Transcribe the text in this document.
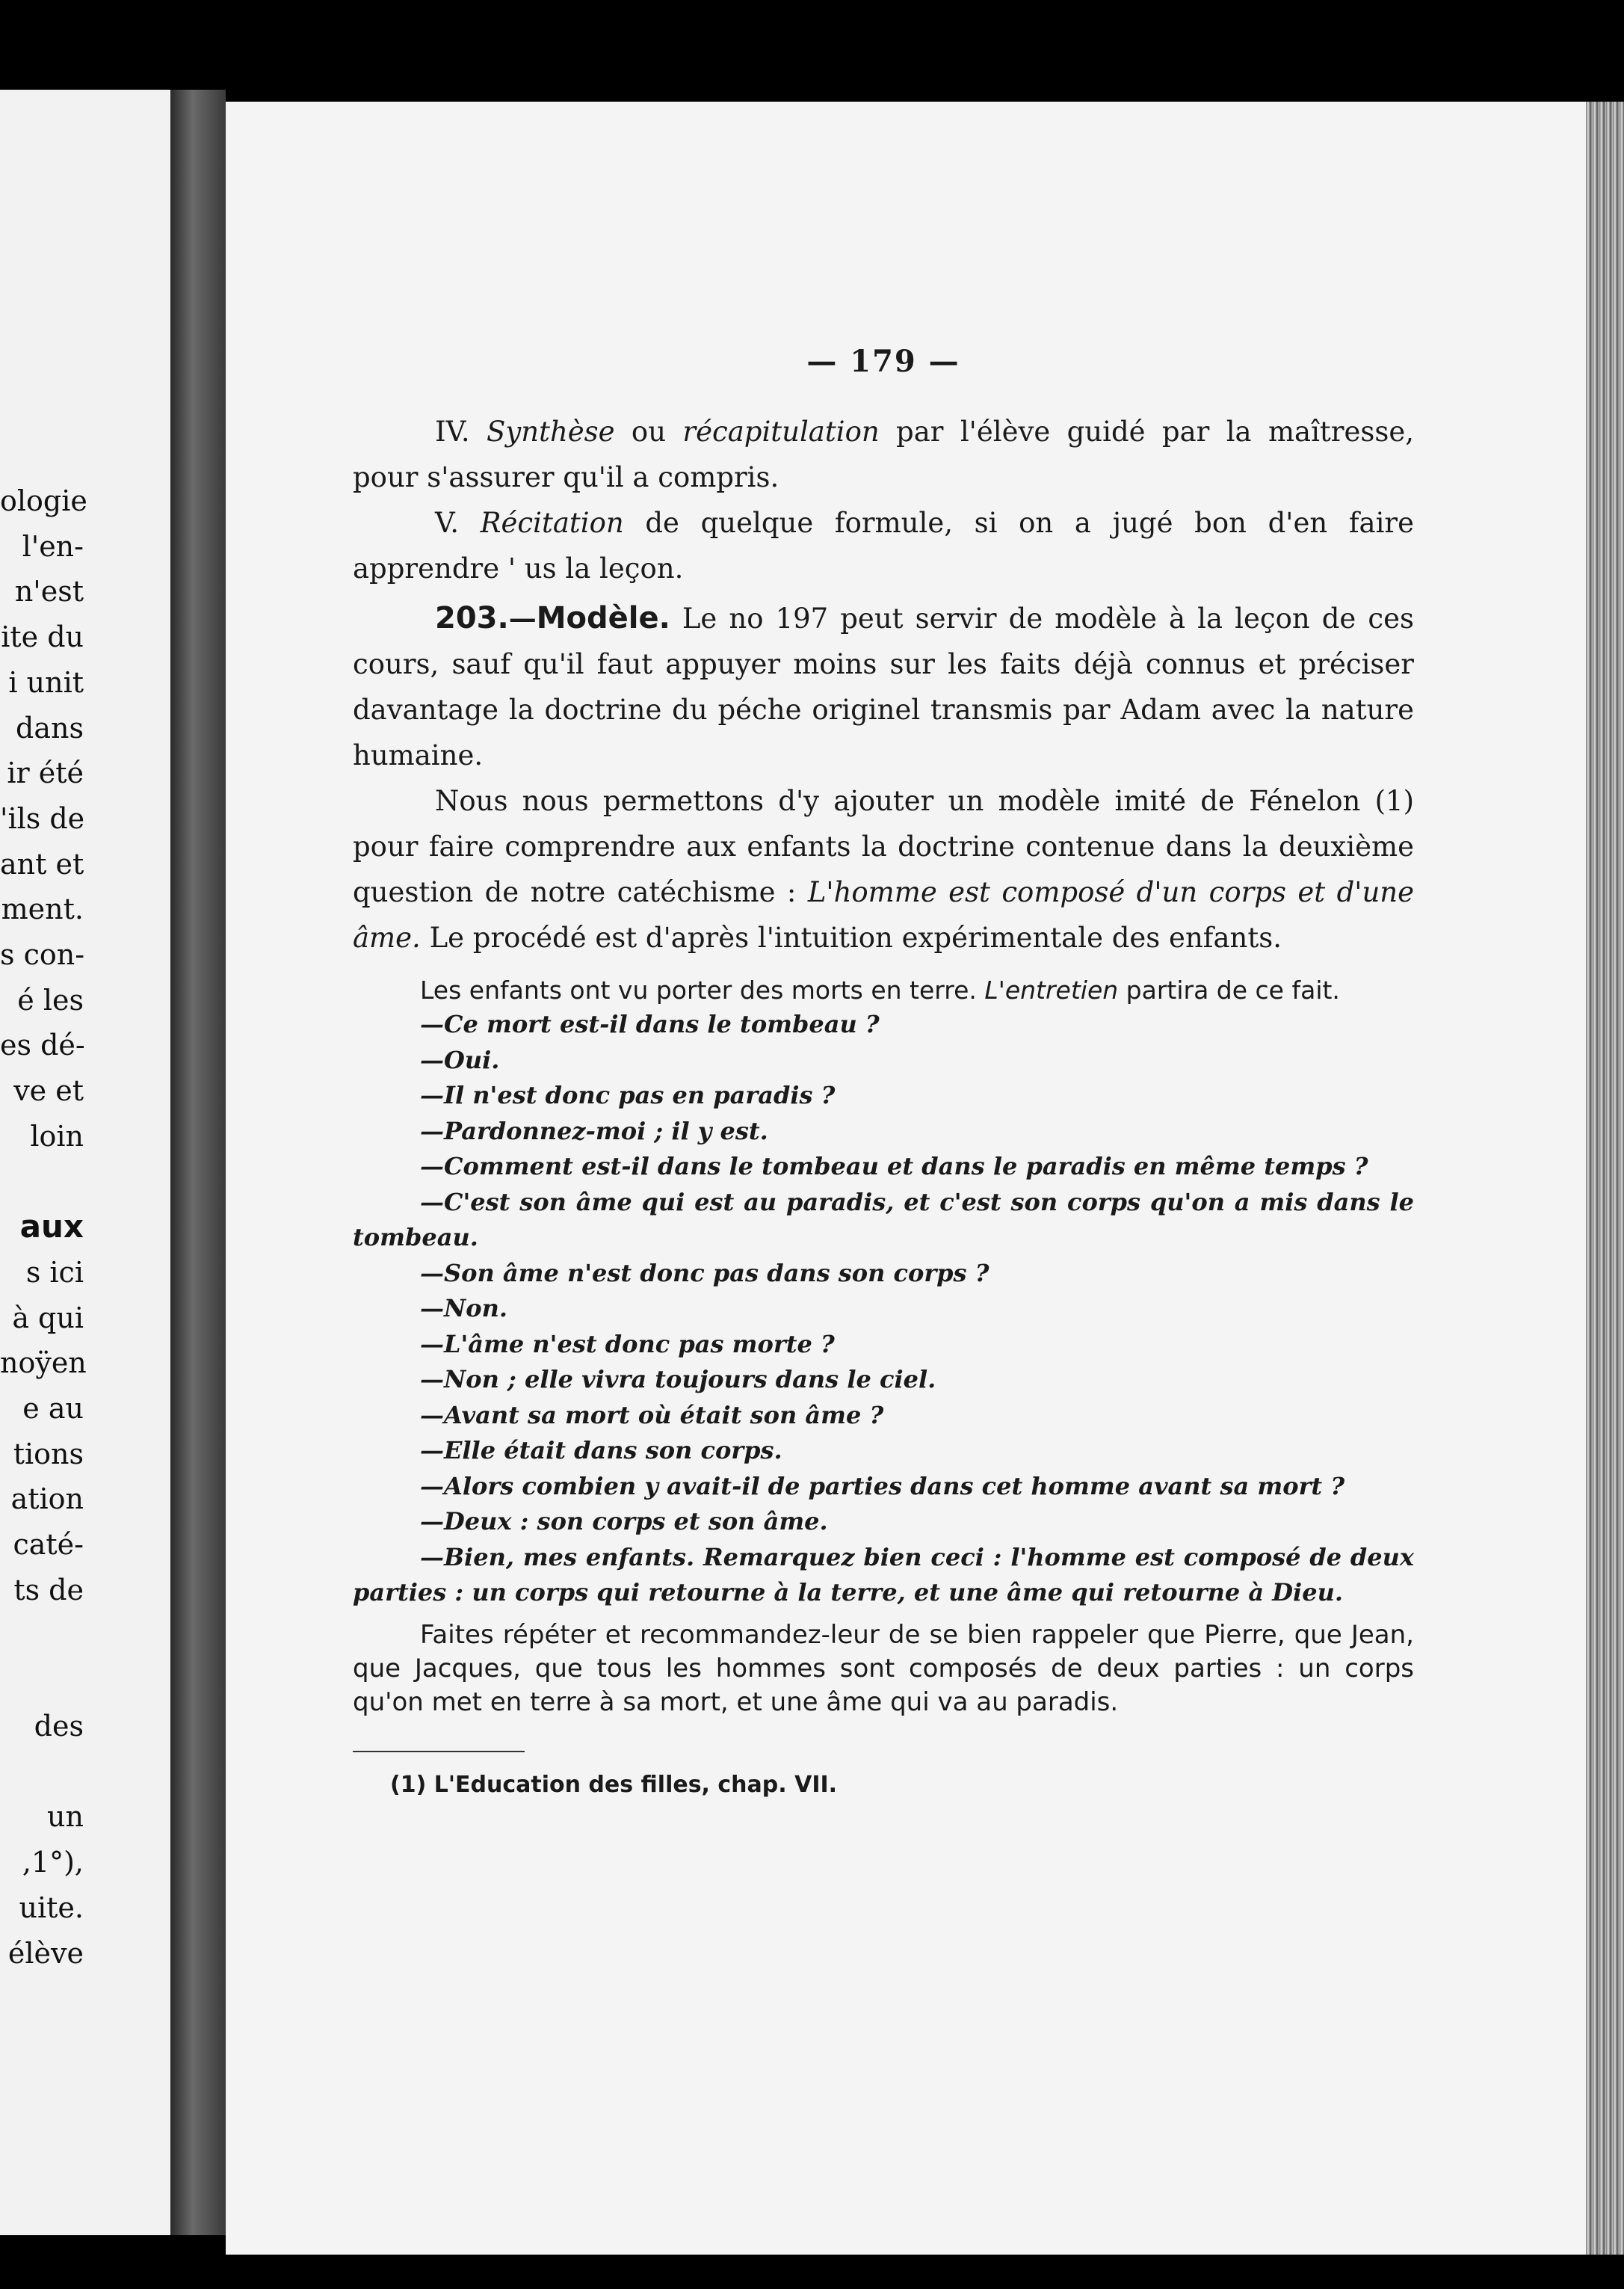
ologie
l'en-
n'est
ite du
i unit
dans
ir été
'ils de
ant et
ment.
s con-
é les
es dé-
ve et
loin

aux
s ici
à qui
noÿen
e au
tions
ation
caté-
ts de

des

un
,1°),
uite.
élève
— 179 —

IV. Synthèse ou récapitulation par l'élève guidé par la maîtresse, pour s'assurer qu'il a compris.

V. Récitation de quelque formule, si on a jugé bon d'en faire apprendre ' us la leçon.

203.—Modèle. Le no 197 peut servir de modèle à la leçon de ces cours, sauf qu'il faut appuyer moins sur les faits déjà connus et préciser davantage la doctrine du péche originel transmis par Adam avec la nature humaine.

Nous nous permettons d'y ajouter un modèle imité de Fénelon (1) pour faire comprendre aux enfants la doctrine contenue dans la deuxième question de notre catéchisme : L'homme est composé d'un corps et d'une âme. Le procédé est d'après l'intuition expérimentale des enfants.

Les enfants ont vu porter des morts en terre. L'entretien partira de ce fait.

—Ce mort est-il dans le tombeau ?
—Oui.
—Il n'est donc pas en paradis ?
—Pardonnez-moi ; il y est.
—Comment est-il dans le tombeau et dans le paradis en même temps ?
—C'est son âme qui est au paradis, et c'est son corps qu'on a mis dans le tombeau.
—Son âme n'est donc pas dans son corps ?
—Non.
—L'âme n'est donc pas morte ?
—Non ; elle vivra toujours dans le ciel.
—Avant sa mort où était son âme ?
—Elle était dans son corps.
—Alors combien y avait-il de parties dans cet homme avant sa mort ?
—Deux : son corps et son âme.
—Bien, mes enfants. Remarquez bien ceci : l'homme est composé de deux parties : un corps qui retourne à la terre, et une âme qui retourne à Dieu.

Faites répéter et recommandez-leur de se bien rappeler que Pierre, que Jean, que Jacques, que tous les hommes sont composés de deux parties : un corps qu'on met en terre à sa mort, et une âme qui va au paradis.

(1) L'Education des filles, chap. VII.
